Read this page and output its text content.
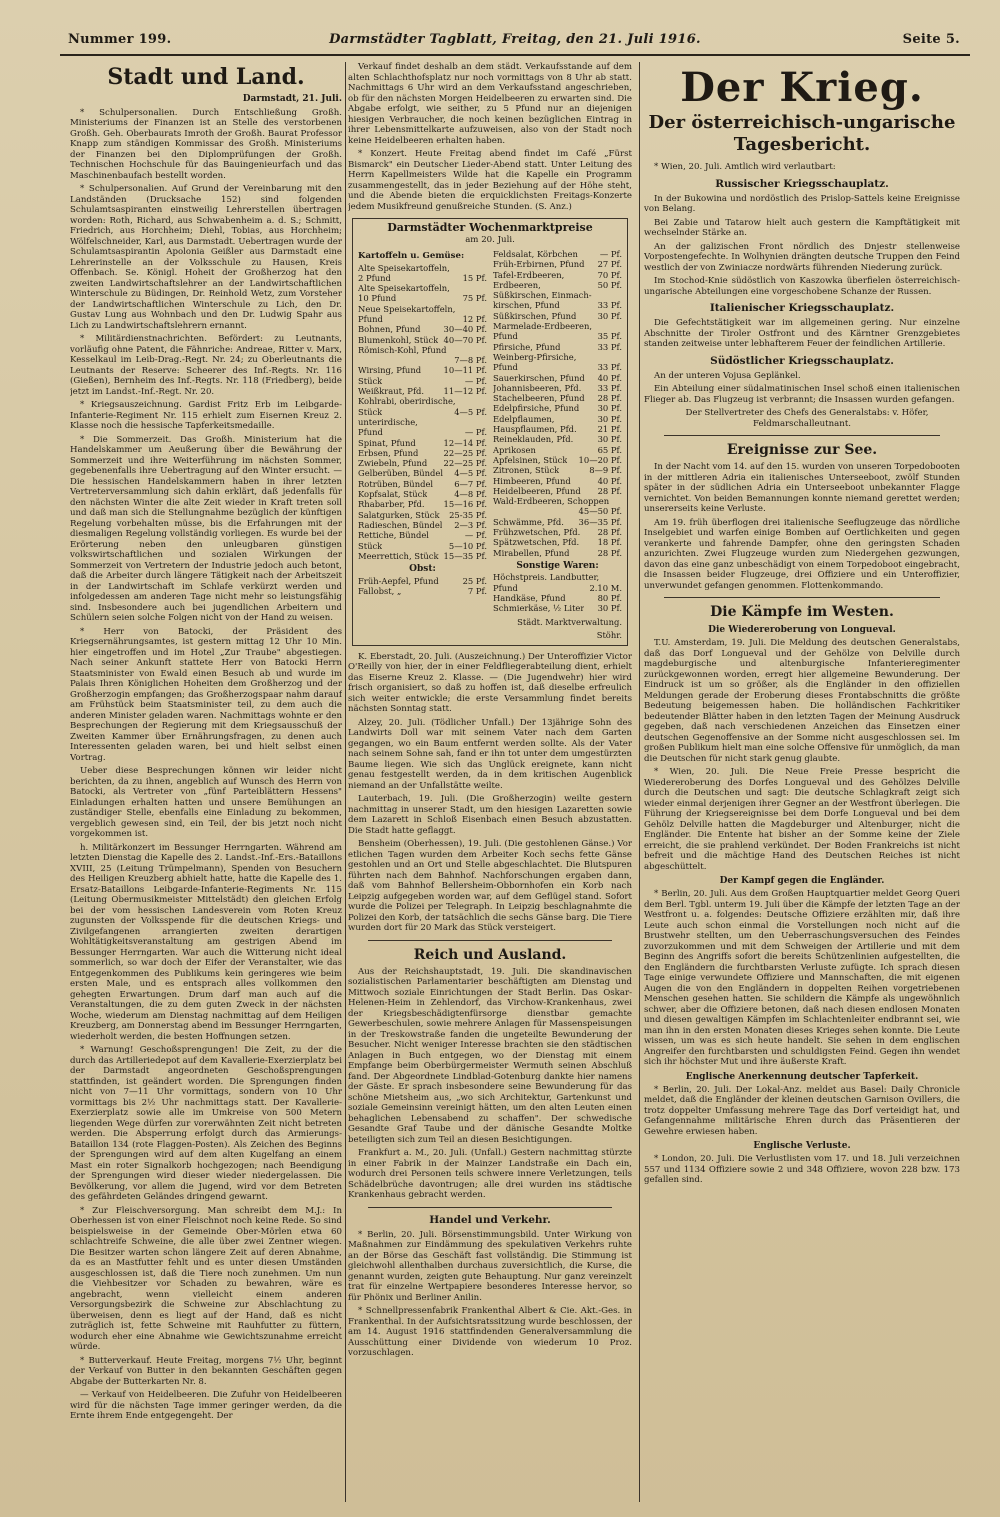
Nummer 199.	Darmstädter Tagblatt, Freitag, den 21. Juli 1916.	Seite 5.
Stadt und Land.
Darmstadt, 21. Juli.

* Schulpersonalien. Durch Entschließung Großh. Ministeriums der Finanzen ist an Stelle des verstorbenen Großh. Geh. Oberbaurats Imroth der Großh. Baurat Professor Knapp zum ständigen Kommissar des Großh. Ministeriums der Finanzen bei den Diplomprüfungen der Großh. Technischen Hochschule für das Bauingenieurfach und das Maschinenbaufach bestellt worden.

* Schulpersonalien. Auf Grund der Vereinbarung mit den Landständen (Drucksache 152) sind folgenden Schulamtsaspiranten einstweilig Lehrerstellen übertragen worden: Roth, Richard, aus Schwabenheim a. d. S.; Schmitt, Friedrich, aus Horchheim; Diehl, Tobias, aus Horchheim; Wölfelschneider, Karl, aus Darmstadt. Uebertragen wurde der Schulamtsaspirantin Apolonia Geißler aus Darmstadt eine Lehrerinstelle an der Volksschule zu Hausen, Kreis Offenbach. Se. Königl. Hoheit der Großherzog hat den zweiten Landwirtschaftslehrer an der Landwirtschaftlichen Winterschule zu Büdingen, Dr. Reinhold Wetz, zum Vorsteher der Landwirtschaftlichen Winterschule zu Lich, den Dr. Gustav Lung aus Wohnbach und den Dr. Ludwig Spahr aus Lich zu Landwirtschaftslehrern ernannt.

* Militärdienstnachrichten. Befördert: zu Leutnants, vorläufig ohne Patent, die Fähnriche: Andreae, Ritter v. Marx, Kesselkaul im Leib-Drag.-Regt. Nr. 24; zu Oberleutnants die Leutnants der Reserve: Scheerer des Inf.-Regts. Nr. 116 (Gießen), Bernheim des Inf.-Regts. Nr. 118 (Friedberg), beide jetzt im Landst.-Inf.-Regt. Nr. 20.

* Kriegsauszeichnung. Gardist Fritz Erb im Leibgarde-Infanterie-Regiment Nr. 115 erhielt zum Eisernen Kreuz 2. Klasse noch die hessische Tapferkeitsmedaille.

* Die Sommerzeit. Das Großh. Ministerium hat die Handelskammer um Aeußerung über die Bewährung der Sommerzeit und ihre Weiterführung im nächsten Sommer, gegebenenfalls ihre Uebertragung auf den Winter ersucht. — Die hessischen Handelskammern haben in ihrer letzten Vertreterversammlung sich dahin erklärt, daß jedenfalls für den nächsten Winter die alte Zeit wieder in Kraft treten soll und daß man sich die Stellungnahme bezüglich der künftigen Regelung vorbehalten müsse, bis die Erfahrungen mit der diesmaligen Regelung vollständig vorliegen. Es wurde bei der Erörterung neben den unleugbaren günstigen volkswirtschaftlichen und sozialen Wirkungen der Sommerzeit von Vertretern der Industrie jedoch auch betont, daß die Arbeiter durch längere Tätigkeit nach der Arbeitszeit in der Landwirtschaft im Schlafe verkürzt werden und infolgedessen am anderen Tage nicht mehr so leistungsfähig sind. Insbesondere auch bei jugendlichen Arbeitern und Schülern seien solche Folgen nicht von der Hand zu weisen.

* Herr von Batocki, der Präsident des Kriegsernährungsamtes, ist gestern mittag 12 Uhr 10 Min. hier eingetroffen und im Hotel „Zur Traube" abgestiegen. Nach seiner Ankunft stattete Herr von Batocki Herrn Staatsminister von Ewald einen Besuch ab und wurde im Palais Ihren Königlichen Hoheiten dem Großherzog und der Großherzogin empfangen; das Großherzogspaar nahm darauf am Frühstück beim Staatsminister teil, zu dem auch die anderen Minister geladen waren. Nachmittags wohnte er den Besprechungen der Regierung mit dem Kriegsausschuß der Zweiten Kammer über Ernährungsfragen, zu denen auch Interessenten geladen waren, bei und hielt selbst einen Vortrag.

Ueber diese Besprechungen können wir leider nicht berichten, da zu ihnen, angeblich auf Wunsch des Herrn von Batocki, als Vertreter von „fünf Parteiblättern Hessens" Einladungen erhalten hatten und unsere Bemühungen an zuständiger Stelle, ebenfalls eine Einladung zu bekommen, vergeblich gewesen sind, ein Teil, der bis jetzt noch nicht vorgekommen ist.

h. Militärkonzert im Bessunger Herrngarten. Während am letzten Dienstag die Kapelle des 2. Landst.-Inf.-Ers.-Bataillons XVIII, 25 (Leitung Trümpelmann), Spenden von Besuchern des Heiligen Kreuzberg abhielt hatte, hatte die Kapelle des 1. Ersatz-Bataillons Leibgarde-Infanterie-Regiments Nr. 115 (Leitung Obermusikmeister Mittelstädt) den gleichen Erfolg bei der vom hessischen Landesverein vom Roten Kreuz zugunsten der Volksspende für die deutschen Kriegs- und Zivilgefangenen arrangierten zweiten derartigen Wohltätigkeitsveranstaltung am gestrigen Abend im Bessunger Herrngarten. War auch die Witterung nicht ideal sommerlich, so war doch der Eifer der Veranstalter, wie das Entgegenkommen des Publikums kein geringeres wie beim ersten Male, und es entsprach alles vollkommen den gehegten Erwartungen. Drum darf man auch auf die Veranstaltungen, die zu dem guten Zweck in der nächsten Woche, wiederum am Dienstag nachmittag auf dem Heiligen Kreuzberg, am Donnerstag abend im Bessunger Herrngarten, wiederholt werden, die besten Hoffnungen setzen.

* Warnung! Geschoßsprengungen! Die Zeit, zu der die durch das Artilleriedepot auf dem Kavallerie-Exerzierplatz bei der Darmstadt angeordneten Geschoßsprengungen stattfinden, ist geändert worden. Die Sprengungen finden nicht von 7—11 Uhr vormittags, sondern von 10 Uhr vormittags bis 2½ Uhr nachmittags statt. Der Kavallerie-Exerzierplatz sowie alle im Umkreise von 500 Metern liegenden Wege dürfen zur vorerwähnten Zeit nicht betreten werden. Die Absperrung erfolgt durch das Armierungs-Bataillon 134 (rote Flaggen-Posten). Als Zeichen des Beginns der Sprengungen wird auf dem alten Kugelfang an einem Mast ein roter Signalkorb hochgezogen; nach Beendigung der Sprengungen wird dieser wieder niedergelassen. Die Bevölkerung, vor allem die Jugend, wird vor dem Betreten des gefährdeten Geländes dringend gewarnt.

* Zur Fleischversorgung. Man schreibt dem M.J.: In Oberhessen ist von einer Fleischnot noch keine Rede. So sind beispielsweise in der Gemeinde Ober-Mörlen etwa 60 schlachtreife Schweine, die alle über zwei Zentner wiegen. Die Besitzer warten schon längere Zeit auf deren Abnahme, da es an Mastfutter fehlt und es unter diesen Umständen ausgeschlossen ist, daß die Tiere noch zunehmen. Um nun die Viehbesitzer vor Schaden zu bewahren, wäre es angebracht, wenn vielleicht einem anderen Versorgungsbezirk die Schweine zur Abschlachtung zu überweisen, denn es liegt auf der Hand, daß es nicht zuträglich ist, fette Schweine mit Rauhfutter zu füttern, wodurch eher eine Abnahme wie Gewichtszunahme erreicht würde.

* Butterverkauf. Heute Freitag, morgens 7½ Uhr, beginnt der Verkauf von Butter in den bekannten Geschäften gegen Abgabe der Butterkarten Nr. 8.

— Verkauf von Heidelbeeren. Die Zufuhr von Heidelbeeren wird für die nächsten Tage immer geringer werden, da die Ernte ihrem Ende entgegengeht. Der

Verkauf findet deshalb an dem städt. Verkaufsstande auf dem alten Schlachthofsplatz nur noch vormittags von 8 Uhr ab statt. Nachmittags 6 Uhr wird an dem Verkaufsstand angeschrieben, ob für den nächsten Morgen Heidelbeeren zu erwarten sind. Die Abgabe erfolgt, wie seither, zu 5 Pfund nur an diejenigen hiesigen Verbraucher, die noch keinen bezüglichen Eintrag in ihrer Lebensmittelkarte aufzuweisen, also von der Stadt noch keine Heidelbeeren erhalten haben.

* Konzert. Heute Freitag abend findet im Café „Fürst Bismarck" ein Deutscher Lieder-Abend statt. Unter Leitung des Herrn Kapellmeisters Wilde hat die Kapelle ein Programm zusammengestellt, das in jeder Beziehung auf der Höhe steht, und die Abende bieten die erquicklichsten Freitags-Konzerte jedem Musikfreund genußreiche Stunden. (S. Anz.)

Darmstädter Wochenmarktpreise
am 20. Juli.
Kartoffeln u. Gemüse:
Alte Speisekartoffeln,
2 Pfund	15 Pf.
Alte Speisekartoffeln,
10 Pfund	75 Pf.
Neue Speisekartoffeln,
Pfund	12 Pf.
Bohnen, Pfund	30—40 Pf.
Blumenkohl, Stück 40—70 Pf.
Römisch-Kohl, Pfund
7—8 Pf.
Wirsing, Pfund	10—11 Pf.
Stück	— Pf.
Weißkraut, Pfd.	11—12 Pf.
Kohlrabi, oberirdische,
Stück	4—5 Pf.
unterirdische,
Pfund	— Pf.
Spinat, Pfund	12—14 Pf.
Erbsen, Pfund	22—25 Pf.
Zwiebeln, Pfund	22—25 Pf.
Gelberüben, Bündel	4—5 Pf.
Rotrüben, Bündel	6—7 Pf.
Kopfsalat, Stück	4—8 Pf.
Rhabarber, Pfd.	15—16 Pf.
Salatgurken, Stück	25-35 Pf.
Radieschen, Bündel	2—3 Pf.
Rettiche, Bündel	— Pf.
Stück	5—10 Pf.
Meerrettich, Stück 15—35 Pf.
Obst:
Früh-Aepfel, Pfund	25 Pf.
Fallobst, „	7 Pf.
Feldsalat, Körbchen	— Pf.
Früh-Erbirnen, Pfund	27 Pf.
Tafel-Erdbeeren,	70 Pf.
Erdbeeren,	50 Pf.
Süßkirschen, Einmach-
kirschen, Pfund	33 Pf.
Süßkirschen, Pfund	30 Pf.
Marmelade-Erdbeeren,
Pfund	35 Pf.
Pfirsiche, Pfund	33 Pf.
Weinberg-Pfirsiche,
Pfund	33 Pf.
Sauerkirschen, Pfund	40 Pf.
Johannisbeeren, Pfd.	33 Pf.
Stachelbeeren, Pfund	28 Pf.
Edelpfirsiche, Pfund	30 Pf.
Edelpflaumen,	30 Pf.
Hauspflaumen, Pfd.	21 Pf.
Reineklauden, Pfd.	30 Pf.
Aprikosen	65 Pf.
Apfelsinen, Stück	10—20 Pf.
Zitronen, Stück	8—9 Pf.
Himbeeren, Pfund	40 Pf.
Heidelbeeren, Pfund	28 Pf.
Wald-Erdbeeren, Schoppen
45—50 Pf.
Schwämme, Pfd.	36—35 Pf.
Frühzwetschen, Pfd.	28 Pf.
Spätzwetschen, Pfd.	18 Pf.
Mirabellen, Pfund	28 Pf.
Sonstige Waren:
Höchstpreis. Landbutter,
Pfund	2.10 M.
Handkäse, Pfund	80 Pf.
Schmierkäse, ½ Liter	30 Pf.
Städt. Marktverwaltung.
Stöhr.

K. Eberstadt, 20. Juli. (Auszeichnung.) Der Unteroffizier Victor O'Reilly von hier, der in einer Feldfliegerabteilung dient, erhielt das Eiserne Kreuz 2. Klasse. — (Die Jugendwehr) hier wird frisch organisiert, so daß zu hoffen ist, daß dieselbe erfreulich sich weiter entwickle; die erste Versammlung findet bereits nächsten Sonntag statt.

Alzey, 20. Juli. (Tödlicher Unfall.) Der 13jährige Sohn des Landwirts Doll war mit seinem Vater nach dem Garten gegangen, wo ein Baum entfernt werden sollte. Als der Vater nach seinem Sohne sah, fand er ihn tot unter dem umgestürzten Baume liegen. Wie sich das Unglück ereignete, kann nicht genau festgestellt werden, da in dem kritischen Augenblick niemand an der Unfallstätte weilte.

Lauterbach, 19. Juli. (Die Großherzogin) weilte gestern nachmittag in unserer Stadt, um den hiesigen Lazaretten sowie dem Lazarett in Schloß Eisenbach einen Besuch abzustatten. Die Stadt hatte geflaggt.

Bensheim (Oberhessen), 19. Juli. (Die gestohlenen Gänse.) Vor etlichen Tagen wurden dem Arbeiter Koch sechs fette Gänse gestohlen und an Ort und Stelle abgeschlachtet. Die Blutspuren führten nach dem Bahnhof. Nachforschungen ergaben dann, daß vom Bahnhof Bellersheim-Obbornhofen ein Korb nach Leipzig aufgegeben worden war, auf dem Geflügel stand. Sofort wurde die Polizei per Telegraph. In Leipzig beschlagnahmte die Polizei den Korb, der tatsächlich die sechs Gänse barg. Die Tiere wurden dort für 20 Mark das Stück versteigert.

Reich und Ausland.

Aus der Reichshauptstadt, 19. Juli. Die skandinavischen sozialistischen Parlamentarier beschäftigten am Dienstag und Mittwoch soziale Einrichtungen der Stadt Berlin. Das Oskar-Helenen-Heim in Zehlendorf, das Virchow-Krankenhaus, zwei der Kriegsbeschädigtenfürsorge dienstbar gemachte Gewerbeschulen, sowie mehrere Anlagen für Massenspeisungen in der Treskowstraße fanden die ungeteilte Bewunderung der Besucher. Nicht weniger Interesse brachten sie den städtischen Anlagen in Buch entgegen, wo der Dienstag mit einem Empfange beim Oberbürgermeister Wermuth seinen Abschluß fand. Der Abgeordnete Lindblad-Gotenburg dankte hier namens der Gäste. Er sprach insbesondere seine Bewunderung für das schöne Mietsheim aus, „wo sich Architektur, Gartenkunst und soziale Gemeinsinn vereinigt hätten, um den alten Leuten einen behaglichen Lebensabend zu schaffen". Der schwedische Gesandte Graf Taube und der dänische Gesandte Moltke beteiligten sich zum Teil an diesen Besichtigungen.

Frankfurt a. M., 20. Juli. (Unfall.) Gestern nachmittag stürzte in einer Fabrik in der Mainzer Landstraße ein Dach ein, wodurch drei Personen teils schwere innere Verletzungen, teils Schädelbrüche davontrugen; alle drei wurden ins städtische Krankenhaus gebracht werden.

Handel und Verkehr.

* Berlin, 20. Juli. Börsenstimmungsbild. Unter Wirkung von Maßnahmen zur Eindämmung des spekulativen Verkehrs ruhte an der Börse das Geschäft fast vollständig. Die Stimmung ist gleichwohl allenthalben durchaus zuversichtlich, die Kurse, die genannt wurden, zeigten gute Behauptung. Nur ganz vereinzelt trat für einzelne Wertpapiere besonderes Interesse hervor, so für Phönix und Berliner Anilin.

* Schnellpressenfabrik Frankenthal Albert & Cie. Akt.-Ges. in Frankenthal. In der Aufsichtsratssitzung wurde beschlossen, der am 14. August 1916 stattfindenden Generalversammlung die Ausschüttung einer Dividende von wiederum 10 Proz. vorzuschlagen.

Der Krieg.
Der österreichisch-ungarische Tagesbericht.

* Wien, 20. Juli. Amtlich wird verlautbart:

Russischer Kriegsschauplatz.

In der Bukowina und nordöstlich des Prislop-Sattels keine Ereignisse von Belang.

Bei Zabie und Tatarow hielt auch gestern die Kampftätigkeit mit wechselnder Stärke an.

An der galizischen Front nördlich des Dnjestr stellenweise Vorpostengefechte. In Wolhynien drängten deutsche Truppen den Feind westlich der von Zwiniacze nordwärts führenden Niederung zurück.

Im Stochod-Knie südöstlich von Kaszowka überfielen österreichisch-ungarische Abteilungen eine vorgeschobene Schanze der Russen.

Italienischer Kriegsschauplatz.

Die Gefechtstätigkeit war im allgemeinen gering. Nur einzelne Abschnitte der Tiroler Ostfront und des Kärntner Grenzgebietes standen zeitweise unter lebhafterem Feuer der feindlichen Artillerie.

Südöstlicher Kriegsschauplatz.

An der unteren Vojusa Geplänkel.

Ein Abteilung einer südalmatinischen Insel schoß einen italienischen Flieger ab. Das Flugzeug ist verbrannt; die Insassen wurden gefangen.

Der Stellvertreter des Chefs des Generalstabs: v. Höfer, Feldmarschalleutnant.

Ereignisse zur See.

In der Nacht vom 14. auf den 15. wurden von unseren Torpedobooten in der mittleren Adria ein italienisches Unterseeboot, zwölf Stunden später in der südlichen Adria ein Unterseeboot unbekannter Flagge vernichtet. Von beiden Bemannungen konnte niemand gerettet werden; unsererseits keine Verluste.

Am 19. früh überflogen drei italienische Seeflugzeuge das nördliche Inselgebiet und warfen einige Bomben auf Oertlichkeiten und gegen verankerte und fahrende Dampfer, ohne den geringsten Schaden anzurichten. Zwei Flugzeuge wurden zum Niedergehen gezwungen, davon das eine ganz unbeschädigt von einem Torpedoboot eingebracht, die Insassen beider Flugzeuge, drei Offiziere und ein Unteroffizier, unverwundet gefangen genommen. Flottenkommando.

Die Kämpfe im Westen.
Die Wiedereroberung von Longueval.

T.U. Amsterdam, 19. Juli. Die Meldung des deutschen Generalstabs, daß das Dorf Longueval und der Gehölze von Delville durch magdeburgische und altenburgische Infanterieregimenter zurückgewonnen worden, erregt hier allgemeine Bewunderung. Der Eindruck ist um so größer, als die Engländer in den offiziellen Meldungen gerade der Eroberung dieses Frontabschnitts die größte Bedeutung beigemessen haben. Die holländischen Fachkritiker bedeutender Blätter haben in den letzten Tagen der Meinung Ausdruck gegeben, daß nach verschiedenen Anzeichen das Einsetzen einer deutschen Gegenoffensive an der Somme nicht ausgeschlossen sei. Im großen Publikum hielt man eine solche Offensive für unmöglich, da man die Deutschen für nicht stark genug glaubte.

* Wien, 20. Juli. Die Neue Freie Presse bespricht die Wiedereroberung des Dorfes Longueval und des Gehölzes Delville durch die Deutschen und sagt: Die deutsche Schlagkraft zeigt sich wieder einmal derjenigen ihrer Gegner an der Westfront überlegen. Die Führung der Kriegsereignisse bei dem Dorfe Longueval und bei dem Gehölz Delville hatten die Magdeburger und Altenburger, nicht die Engländer. Die Entente hat bisher an der Somme keine der Ziele erreicht, die sie prahlend verkündet. Der Boden Frankreichs ist nicht befreit und die mächtige Hand des Deutschen Reiches ist nicht abgeschüttelt.

Der Kampf gegen die Engländer.

* Berlin, 20. Juli. Aus dem Großen Hauptquartier meldet Georg Queri dem Berl. Tgbl. unterm 19. Juli über die Kämpfe der letzten Tage an der Westfront u. a. folgendes: Deutsche Offiziere erzählten mir, daß ihre Leute auch schon einmal die Vorstellungen noch nicht auf die Brustwehr stellten, um den Ueberraschungsversuchen des Feindes zuvorzukommen und mit dem Schweigen der Artillerie und mit dem Beginn des Angriffs sofort die bereits Schützenlinien aufgestellten, die den Engländern die furchtbarsten Verluste zufügte. Ich sprach diesen Tage einige verwundete Offiziere und Mannschaften, die mit eigenen Augen die von den Engländern in doppelten Reihen vorgetriebenen Menschen gesehen hatten. Sie schildern die Kämpfe als ungewöhnlich schwer, aber die Offiziere betonen, daß nach diesen endlosen Monaten und diesen gewaltigen Kämpfen im Schlachtenleiter endbrannt sei, wie man ihn in den ersten Monaten dieses Krieges sehen konnte. Die Leute wissen, um was es sich heute handelt. Sie sehen in dem englischen Angreifer den furchtbarsten und schuldigsten Feind. Gegen ihn wendet sich ihr höchster Mut und ihre äußerste Kraft.

Englische Anerkennung deutscher Tapferkeit.

* Berlin, 20. Juli. Der Lokal-Anz. meldet aus Basel: Daily Chronicle meldet, daß die Engländer der kleinen deutschen Garnison Ovillers, die trotz doppelter Umfassung mehrere Tage das Dorf verteidigt hat, und Gefangennahme militärische Ehren durch das Präsentieren der Gewehre erwiesen haben.

Englische Verluste.

* London, 20. Juli. Die Verlustlisten vom 17. und 18. Juli verzeichnen 557 und 1134 Offiziere sowie 2 und 348 Offiziere, wovon 228 bzw. 173 gefallen sind.
